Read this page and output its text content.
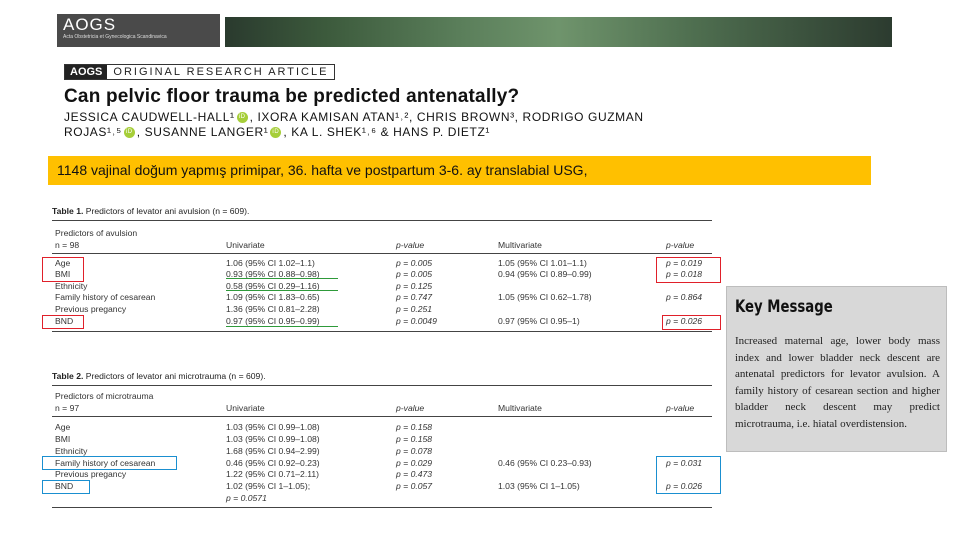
AOGS
Acta Obstetricia et Gynecologica Scandinavica
AOGS	ORIGINAL RESEARCH ARTICLE
Can pelvic floor trauma be predicted antenatally?
JESSICA CAUDWELL-HALL¹ iD , IXORA KAMISAN ATAN¹˒², CHRIS BROWN³, RODRIGO GUZMAN
ROJAS¹˒⁵ iD , SUSANNE LANGER¹ iD , KA L. SHEK¹˒⁶ & HANS P. DIETZ¹
1148 vajinal doğum yapmış primipar, 36. hafta ve postpartum 3-6. ay translabial USG,
Table 1. Predictors of levator ani avulsion (n = 609).
Predictors of avulsion
n = 98	Univariate	p-value	Multivariate	p-value
Age	1.06 (95% CI 1.02–1.1)	p = 0.005	1.05 (95% CI 1.01–1.1)	p = 0.019
BMI	0.93 (95% CI 0.88–0.98)	p = 0.005	0.94 (95% CI 0.89–0.99)	p = 0.018
Ethnicity	0.58 (95% CI 0.29–1.16)	p = 0.125
Family history of cesarean	1.09 (95% CI 1.83–0.65)	p = 0.747	1.05 (95% CI 0.62–1.78)	p = 0.864
Previous pregancy	1.36 (95% CI 0.81–2.28)	p = 0.251
BND	0.97 (95% CI 0.95–0.99)	p = 0.0049	0.97 (95% CI 0.95–1)	p = 0.026
Table 2. Predictors of levator ani microtrauma (n = 609).
Predictors of microtrauma
n = 97	Univariate	p-value	Multivariate	p-value
Age	1.03 (95% CI 0.99–1.08)	p = 0.158
BMI	1.03 (95% CI 0.99–1.08)	p = 0.158
Ethnicity	1.68 (95% CI 0.94–2.99)	p = 0.078
Family history of cesarean	0.46 (95% CI 0.92–0.23)	p = 0.029	0.46 (95% CI 0.23–0.93)	p = 0.031
Previous pregancy	1.22 (95% CI 0.71–2.11)	p = 0.473
BND	1.02 (95% CI 1–1.05);	p = 0.057	1.03 (95% CI 1–1.05)	p = 0.026
p = 0.0571
Key Message
Increased maternal age, lower body mass index and lower bladder neck descent are antenatal predictors for levator avulsion. A family history of cesarean section and higher bladder neck descent may predict microtrauma, i.e. hiatal overdistension.
